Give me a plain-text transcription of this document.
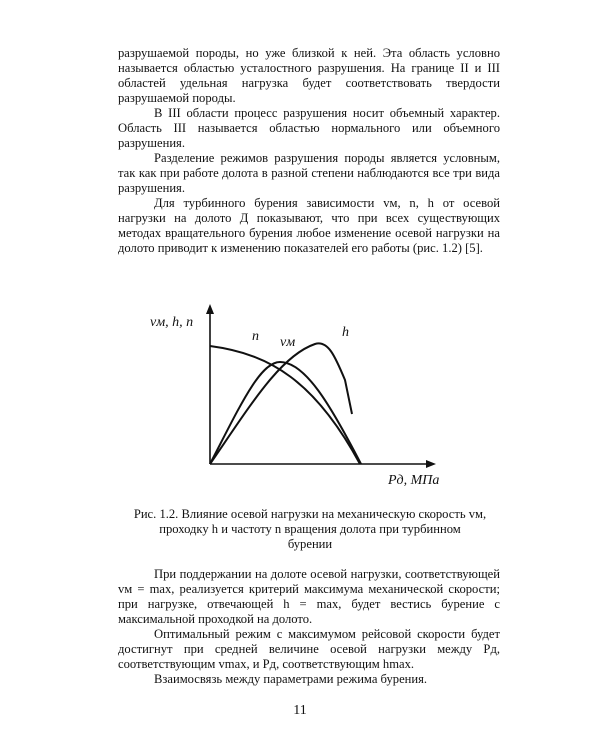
разрушаемой породы, но уже близкой к ней. Эта область условно называется областью усталостного разрушения. На границе II и III областей удельная нагрузка будет соответствовать твердости разрушаемой породы.

В III области процесс разрушения носит объемный характер. Область III называется областью нормального или объемного разрушения.

Разделение режимов разрушения породы является условным, так как при работе долота в разной степени наблюдаются все три вида разрушения.

Для турбинного бурения зависимости vм, n, h от осевой нагрузки на долото Д показывают, что при всех существующих методах вращательного бурения любое изменение осевой нагрузки на долото приводит к изменению показателей его работы (рис. 1.2) [5].

vм, h, n
Pд, МПа
n vм
h

Рис. 1.2. Влияние осевой нагрузки на механическую скорость vм,

проходку h и частоту n вращения долота при турбинном

бурении

При поддержании на долоте осевой нагрузки, соответствующей vм = max, реализуется критерий максимума механической скорости; при нагрузке, отвечающей h = max, будет вестись бурение с максимальной проходкой на долото.

Оптимальный режим с максимумом рейсовой скорости будет достигнут при средней величине осевой нагрузки между Pд, соответствующим vmax, и Pд, соответствующим hmax.

Взаимосвязь между параметрами режима бурения.

11
